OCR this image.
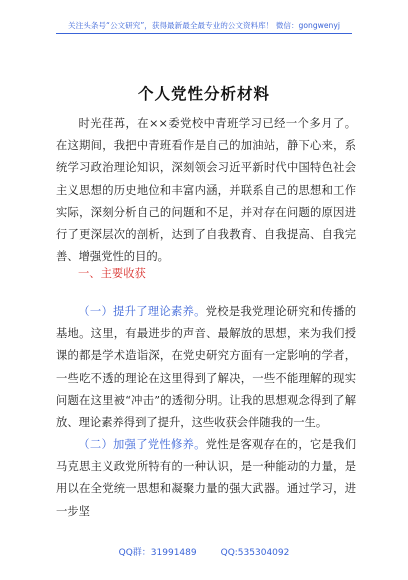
关注头条号“公文研究”，获得最新最全最专业的公文资料库！ 微信：gongwenyj
个人党性分析材料

时光荏苒，在××委党校中青班学习已经一个多月了。在这期间，我把中青班看作是自己的加油站，静下心来，系统学习政治理论知识，深刻领会习近平新时代中国特色社会主义思想的历史地位和丰富内涵，并联系自己的思想和工作实际，深刻分析自己的问题和不足，并对存在问题的原因进行了更深层次的剖析，达到了自我教育、自我提高、自我完善、增强党性的目的。

一、主要收获

（一）提升了理论素养。党校是我党理论研究和传播的基地。这里，有最进步的声音、最解放的思想，来为我们授课的都是学术造诣深，在党史研究方面有一定影响的学者，一些吃不透的理论在这里得到了解决，一些不能理解的现实问题在这里被“冲击”的透彻分明。让我的思想观念得到了解放、理论素养得到了提升，这些收获会伴随我的一生。

（二）加强了党性修养。党性是客观存在的，它是我们马克思主义政党所特有的一种认识，是一种能动的力量，是用以在全党统一思想和凝聚力量的强大武器。通过学习，进一步坚

QQ群：31991489	QQ:535304092
